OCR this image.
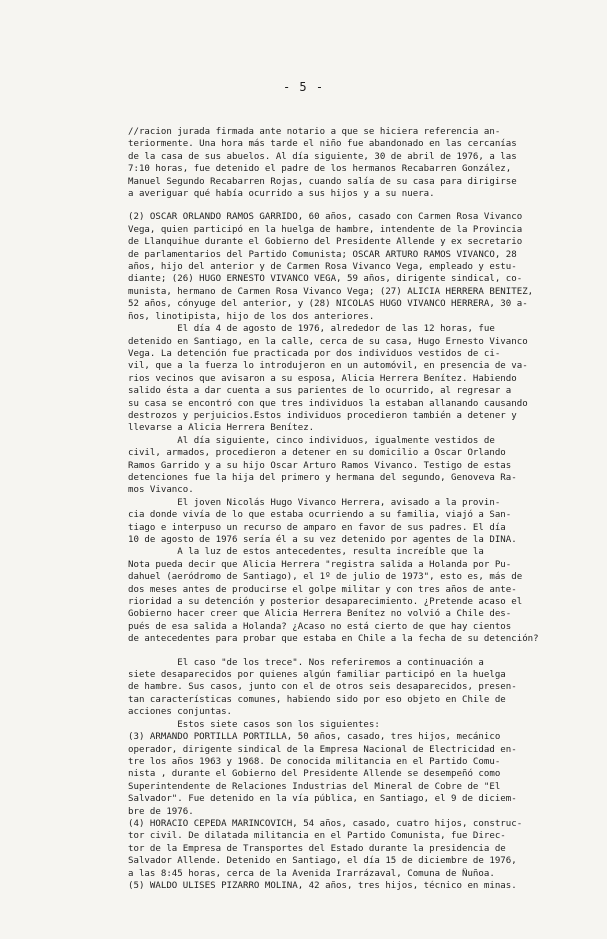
- 5 -
//racion jurada firmada ante notario a que se hiciera referencia an-
teriormente. Una hora más tarde el niño fue abandonado en las cercanías
de la casa de sus abuelos. Al día siguiente, 30 de abril de 1976, a las
7:10 horas, fue detenido el padre de los hermanos Recabarren González,
Manuel Segundo Recabarren Rojas, cuando salía de su casa para dirigirse
a averiguar qué había ocurrido a sus hijos y a su nuera.
(2) OSCAR ORLANDO RAMOS GARRIDO, 60 años, casado con Carmen Rosa Vivanco
Vega, quien participó en la huelga de hambre, intendente de la Provincia
de Llanquihue durante el Gobierno del Presidente Allende y ex secretario
de parlamentarios del Partido Comunista; OSCAR ARTURO RAMOS VIVANCO, 28
años, hijo del anterior y de Carmen Rosa Vivanco Vega, empleado y estu-
diante; (26) HUGO ERNESTO VIVANCO VEGA, 59 años, dirigente sindical, co-
munista, hermano de Carmen Rosa Vivanco Vega; (27) ALICIA HERRERA BENITEZ,
52 años, cónyuge del anterior, y (28) NICOLAS HUGO VIVANCO HERRERA, 30 a-
ños, linotipista, hijo de los dos anteriores.
El día 4 de agosto de 1976, alrededor de las 12 horas, fue
detenido en Santiago, en la calle, cerca de su casa, Hugo Ernesto Vivanco
Vega. La detención fue practicada por dos individuos vestidos de ci-
vil, que a la fuerza lo introdujeron en un automóvil, en presencia de va-
rios vecinos que avisaron a su esposa, Alicia Herrera Benítez. Habiendo
salido ésta a dar cuenta a sus parientes de lo ocurrido, al regresar a
su casa se encontró con que tres individuos la estaban allanando causando
destrozos y perjuicios.Estos individuos procedieron también a detener y
llevarse a Alicia Herrera Benítez.
Al día siguiente, cinco individuos, igualmente vestidos de
civil, armados, procedieron a detener en su domicilio a Oscar Orlando
Ramos Garrido y a su hijo Oscar Arturo Ramos Vivanco. Testigo de estas
detenciones fue la hija del primero y hermana del segundo, Genoveva Ra-
mos Vivanco.
El joven Nicolás Hugo Vivanco Herrera, avisado a la provin-
cia donde vivía de lo que estaba ocurriendo a su familia, viajó a San-
tiago e interpuso un recurso de amparo en favor de sus padres. El día
10 de agosto de 1976 sería él a su vez detenido por agentes de la DINA.
A la luz de estos antecedentes, resulta increíble que la
Nota pueda decir que Alicia Herrera "registra salida a Holanda por Pu-
dahuel (aeródromo de Santiago), el 1º de julio de 1973", esto es, más de
dos meses antes de producirse el golpe militar y con tres años de ante-
rioridad a su detención y posterior desaparecimiento. ¿Pretende acaso el
Gobierno hacer creer que Alicia Herrera Benítez no volvió a Chile des-
pués de esa salida a Holanda? ¿Acaso no está cierto de que hay cientos
de antecedentes para probar que estaba en Chile a la fecha de su detención?
El caso "de los trece". Nos referiremos a continuación a
siete desaparecidos por quienes algún familiar participó en la huelga
de hambre. Sus casos, junto con el de otros seis desaparecidos, presen-
tan características comunes, habiendo sido por eso objeto en Chile de
acciones conjuntas.
Estos siete casos son los siguientes:
(3) ARMANDO PORTILLA PORTILLA, 50 años, casado, tres hijos, mecánico
operador, dirigente sindical de la Empresa Nacional de Electricidad en-
tre los años 1963 y 1968. De conocida militancia en el Partido Comu-
nista , durante el Gobierno del Presidente Allende se desempeñó como
Superintendente de Relaciones Industrias del Mineral de Cobre de "El
Salvador". Fue detenido en la vía pública, en Santiago, el 9 de diciem-
bre de 1976.
(4) HORACIO CEPEDA MARINCOVICH, 54 años, casado, cuatro hijos, construc-
tor civil. De dilatada militancia en el Partido Comunista, fue Direc-
tor de la Empresa de Transportes del Estado durante la presidencia de
Salvador Allende. Detenido en Santiago, el día 15 de diciembre de 1976,
a las 8:45 horas, cerca de la Avenida Irarrázaval, Comuna de Ñuñoa.
(5) WALDO ULISES PIZARRO MOLINA, 42 años, tres hijos, técnico en minas.
